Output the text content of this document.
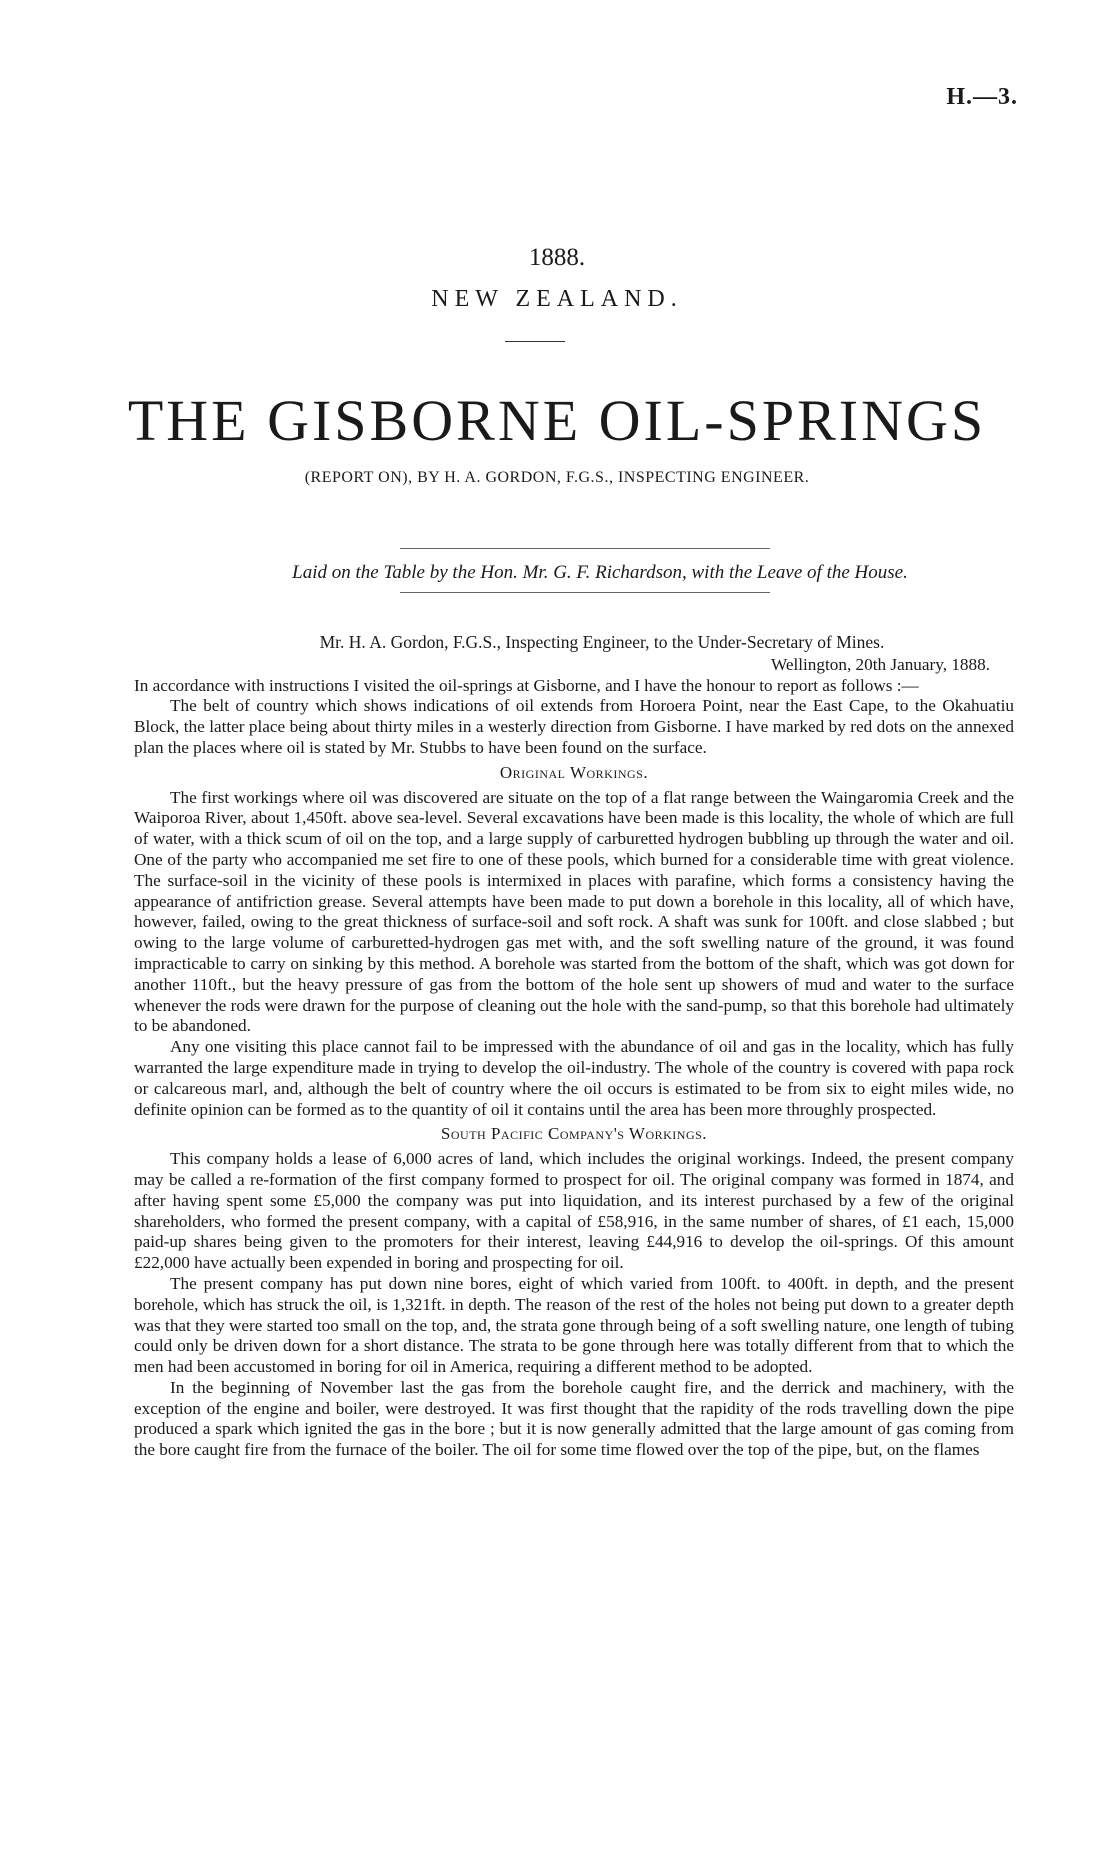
H.—3.
1888.
NEW ZEALAND.
THE GISBORNE OIL-SPRINGS
(REPORT ON), BY H. A. GORDON, F.G.S., INSPECTING ENGINEER.
Laid on the Table by the Hon. Mr. G. F. Richardson, with the Leave of the House.

Mr. H. A. Gordon, F.G.S., Inspecting Engineer, to the Under-Secretary of Mines.

Wellington, 20th January, 1888.

In accordance with instructions I visited the oil-springs at Gisborne, and I have the honour to report as follows :—

The belt of country which shows indications of oil extends from Horoera Point, near the East Cape, to the Okahuatiu Block, the latter place being about thirty miles in a westerly direction from Gisborne. I have marked by red dots on the annexed plan the places where oil is stated by Mr. Stubbs to have been found on the surface.

Original Workings.

The first workings where oil was discovered are situate on the top of a flat range between the Waingaromia Creek and the Waiporoa River, about 1,450ft. above sea-level. Several excavations have been made is this locality, the whole of which are full of water, with a thick scum of oil on the top, and a large supply of carburetted hydrogen bubbling up through the water and oil. One of the party who accompanied me set fire to one of these pools, which burned for a considerable time with great violence. The surface-soil in the vicinity of these pools is intermixed in places with parafine, which forms a consistency having the appearance of antifriction grease. Several attempts have been made to put down a borehole in this locality, all of which have, however, failed, owing to the great thickness of surface-soil and soft rock. A shaft was sunk for 100ft. and close slabbed ; but owing to the large volume of carburetted-hydrogen gas met with, and the soft swelling nature of the ground, it was found impracticable to carry on sinking by this method. A borehole was started from the bottom of the shaft, which was got down for another 110ft., but the heavy pressure of gas from the bottom of the hole sent up showers of mud and water to the surface whenever the rods were drawn for the purpose of cleaning out the hole with the sand-pump, so that this borehole had ultimately to be abandoned.

Any one visiting this place cannot fail to be impressed with the abundance of oil and gas in the locality, which has fully warranted the large expenditure made in trying to develop the oil-industry. The whole of the country is covered with papa rock or calcareous marl, and, although the belt of country where the oil occurs is estimated to be from six to eight miles wide, no definite opinion can be formed as to the quantity of oil it contains until the area has been more throughly prospected.

South Pacific Company's Workings.

This company holds a lease of 6,000 acres of land, which includes the original workings. Indeed, the present company may be called a re-formation of the first company formed to prospect for oil. The original company was formed in 1874, and after having spent some £5,000 the company was put into liquidation, and its interest purchased by a few of the original shareholders, who formed the present company, with a capital of £58,916, in the same number of shares, of £1 each, 15,000 paid-up shares being given to the promoters for their interest, leaving £44,916 to develop the oil-springs. Of this amount £22,000 have actually been expended in boring and prospecting for oil.

The present company has put down nine bores, eight of which varied from 100ft. to 400ft. in depth, and the present borehole, which has struck the oil, is 1,321ft. in depth. The reason of the rest of the holes not being put down to a greater depth was that they were started too small on the top, and, the strata gone through being of a soft swelling nature, one length of tubing could only be driven down for a short distance. The strata to be gone through here was totally different from that to which the men had been accustomed in boring for oil in America, requiring a different method to be adopted.

In the beginning of November last the gas from the borehole caught fire, and the derrick and machinery, with the exception of the engine and boiler, were destroyed. It was first thought that the rapidity of the rods travelling down the pipe produced a spark which ignited the gas in the bore ; but it is now generally admitted that the large amount of gas coming from the bore caught fire from the furnace of the boiler. The oil for some time flowed over the top of the pipe, but, on the flames
